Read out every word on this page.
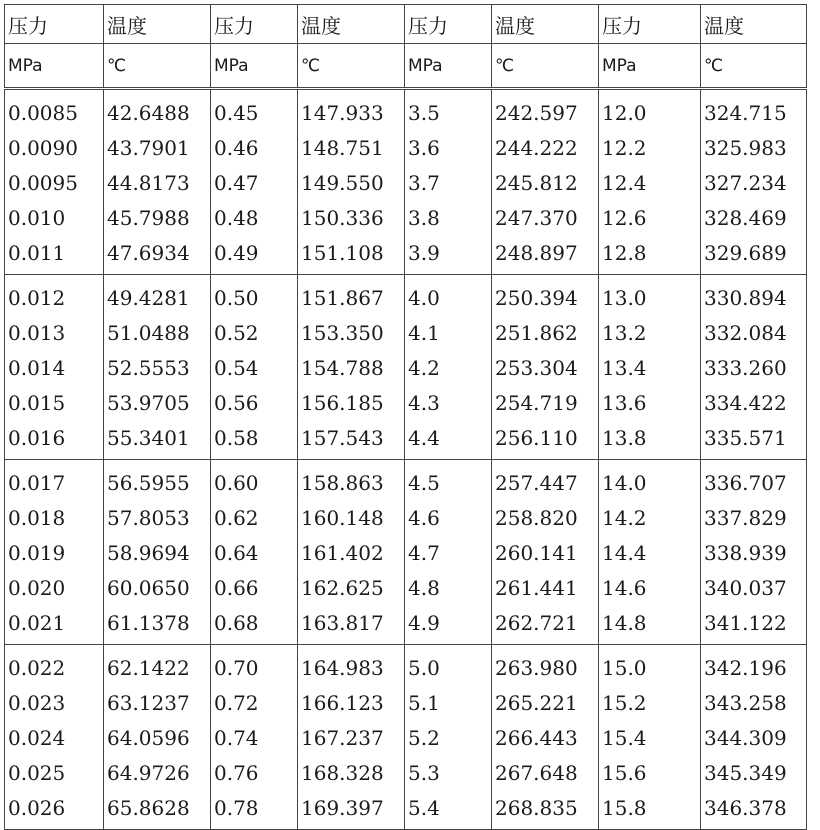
压力	温度	压力	温度	压力	温度	压力	温度
MPa	℃	MPa	℃	MPa	℃	MPa	℃
0.0085	42.6488	0.45	147.933	3.5	242.597	12.0	324.715
0.0090	43.7901	0.46	148.751	3.6	244.222	12.2	325.983
0.0095	44.8173	0.47	149.550	3.7	245.812	12.4	327.234
0.010	45.7988	0.48	150.336	3.8	247.370	12.6	328.469
0.011	47.6934	0.49	151.108	3.9	248.897	12.8	329.689
0.012	49.4281	0.50	151.867	4.0	250.394	13.0	330.894
0.013	51.0488	0.52	153.350	4.1	251.862	13.2	332.084
0.014	52.5553	0.54	154.788	4.2	253.304	13.4	333.260
0.015	53.9705	0.56	156.185	4.3	254.719	13.6	334.422
0.016	55.3401	0.58	157.543	4.4	256.110	13.8	335.571
0.017	56.5955	0.60	158.863	4.5	257.447	14.0	336.707
0.018	57.8053	0.62	160.148	4.6	258.820	14.2	337.829
0.019	58.9694	0.64	161.402	4.7	260.141	14.4	338.939
0.020	60.0650	0.66	162.625	4.8	261.441	14.6	340.037
0.021	61.1378	0.68	163.817	4.9	262.721	14.8	341.122
0.022	62.1422	0.70	164.983	5.0	263.980	15.0	342.196
0.023	63.1237	0.72	166.123	5.1	265.221	15.2	343.258
0.024	64.0596	0.74	167.237	5.2	266.443	15.4	344.309
0.025	64.9726	0.76	168.328	5.3	267.648	15.6	345.349
0.026	65.8628	0.78	169.397	5.4	268.835	15.8	346.378
